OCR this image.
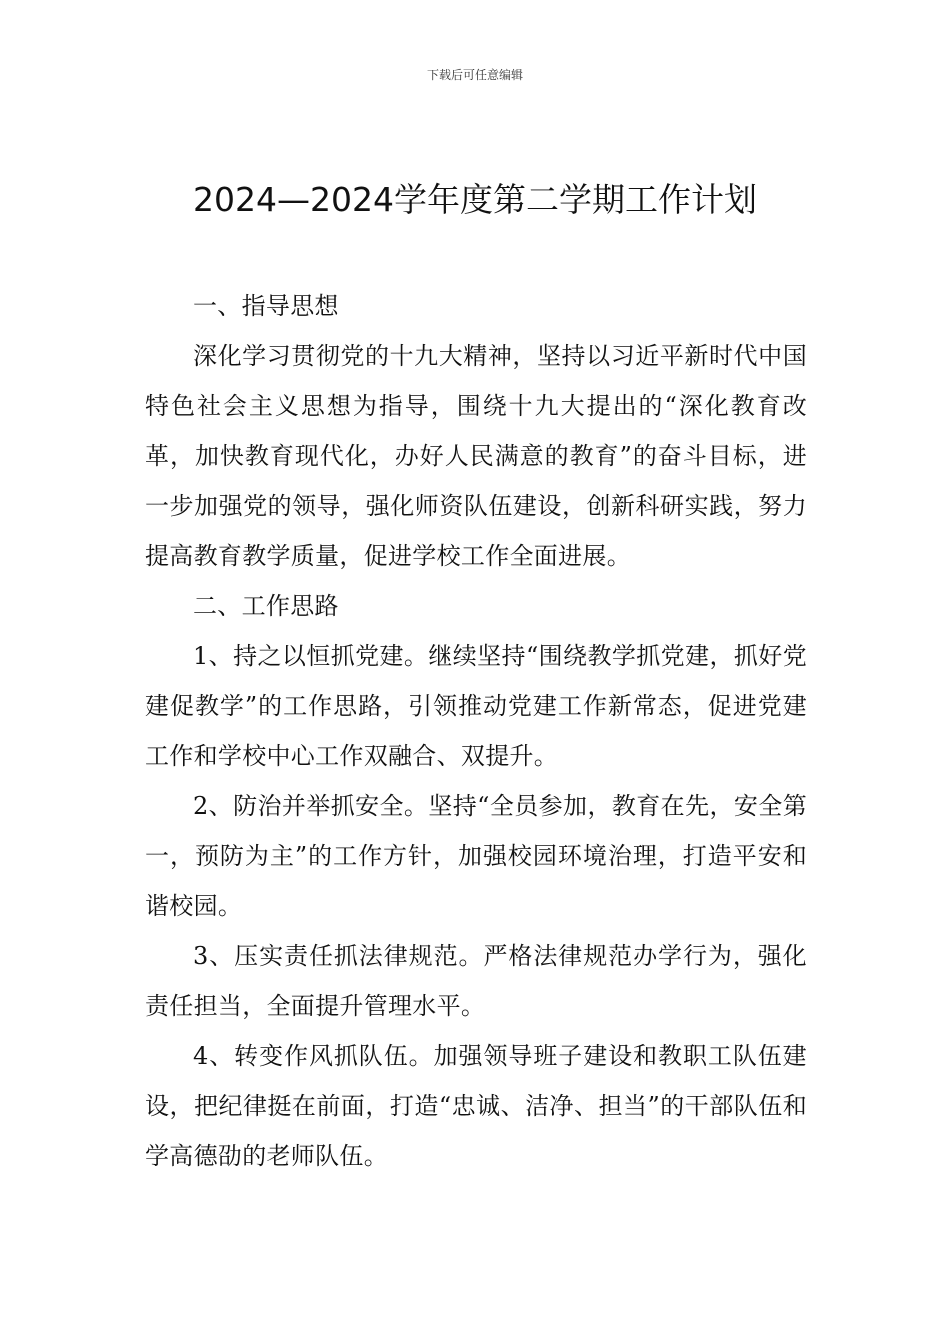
下载后可任意编辑
2024—2024学年度第二学期工作计划

一、指导思想

深化学习贯彻党的十九大精神，坚持以习近平新时代中国特色社会主义思想为指导，围绕十九大提出的“深化教育改革，加快教育现代化，办好人民满意的教育”的奋斗目标，进一步加强党的领导，强化师资队伍建设，创新科研实践，努力提高教育教学质量，促进学校工作全面进展。

二、工作思路

1、持之以恒抓党建。继续坚持“围绕教学抓党建，抓好党建促教学”的工作思路，引领推动党建工作新常态，促进党建工作和学校中心工作双融合、双提升。

2、防治并举抓安全。坚持“全员参加，教育在先，安全第一，预防为主”的工作方针，加强校园环境治理，打造平安和谐校园。

3、压实责任抓法律规范。严格法律规范办学行为，强化责任担当，全面提升管理水平。

4、转变作风抓队伍。加强领导班子建设和教职工队伍建设，把纪律挺在前面，打造“忠诚、洁净、担当”的干部队伍和学高德劭的老师队伍。
